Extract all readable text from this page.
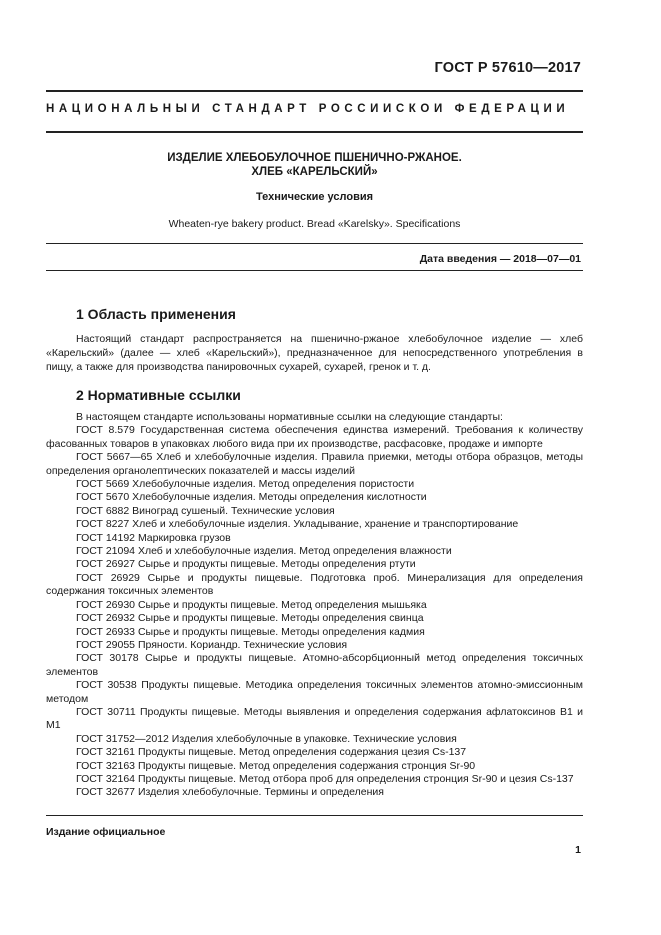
ГОСТ Р 57610—2017
НАЦИОНАЛЬНЫЙ СТАНДАРТ РОССИЙСКОЙ ФЕДЕРАЦИИ
ИЗДЕЛИЕ ХЛЕБОБУЛОЧНОЕ ПШЕНИЧНО-РЖАНОЕ.
ХЛЕБ «КАРЕЛЬСКИЙ»
Технические условия
Wheaten-rye bakery product. Bread «Karelsky». Specifications
Дата введения — 2018—07—01
1 Область применения

Настоящий стандарт распространяется на пшенично-ржаное хлебобулочное изделие — хлеб «Карельский» (далее — хлеб «Карельский»), предназначенное для непосредственного употребления в пищу, а также для производства панировочных сухарей, сухарей, гренок и т. д.

2 Нормативные ссылки

В настоящем стандарте использованы нормативные ссылки на следующие стандарты:

ГОСТ 8.579 Государственная система обеспечения единства измерений. Требования к количеству фасованных товаров в упаковках любого вида при их производстве, расфасовке, продаже и импорте

ГОСТ 5667—65 Хлеб и хлебобулочные изделия. Правила приемки, методы отбора образцов, методы определения органолептических показателей и массы изделий

ГОСТ 5669 Хлебобулочные изделия. Метод определения пористости

ГОСТ 5670 Хлебобулочные изделия. Методы определения кислотности

ГОСТ 6882 Виноград сушеный. Технические условия

ГОСТ 8227 Хлеб и хлебобулочные изделия. Укладывание, хранение и транспортирование

ГОСТ 14192 Маркировка грузов

ГОСТ 21094 Хлеб и хлебобулочные изделия. Метод определения влажности

ГОСТ 26927 Сырье и продукты пищевые. Методы определения ртути

ГОСТ 26929 Сырье и продукты пищевые. Подготовка проб. Минерализация для определения содержания токсичных элементов

ГОСТ 26930 Сырье и продукты пищевые. Метод определения мышьяка

ГОСТ 26932 Сырье и продукты пищевые. Методы определения свинца

ГОСТ 26933 Сырье и продукты пищевые. Методы определения кадмия

ГОСТ 29055 Пряности. Кориандр. Технические условия

ГОСТ 30178 Сырье и продукты пищевые. Атомно-абсорбционный метод определения токсичных элементов

ГОСТ 30538 Продукты пищевые. Методика определения токсичных элементов атомно-эмиссионным методом

ГОСТ 30711 Продукты пищевые. Методы выявления и определения содержания афлатоксинов B1 и M1

ГОСТ 31752—2012 Изделия хлебобулочные в упаковке. Технические условия

ГОСТ 32161 Продукты пищевые. Метод определения содержания цезия Cs-137

ГОСТ 32163 Продукты пищевые. Метод определения содержания стронция Sr-90

ГОСТ 32164 Продукты пищевые. Метод отбора проб для определения стронция Sr-90 и цезия Cs-137

ГОСТ 32677 Изделия хлебобулочные. Термины и определения

Издание официальное
1
